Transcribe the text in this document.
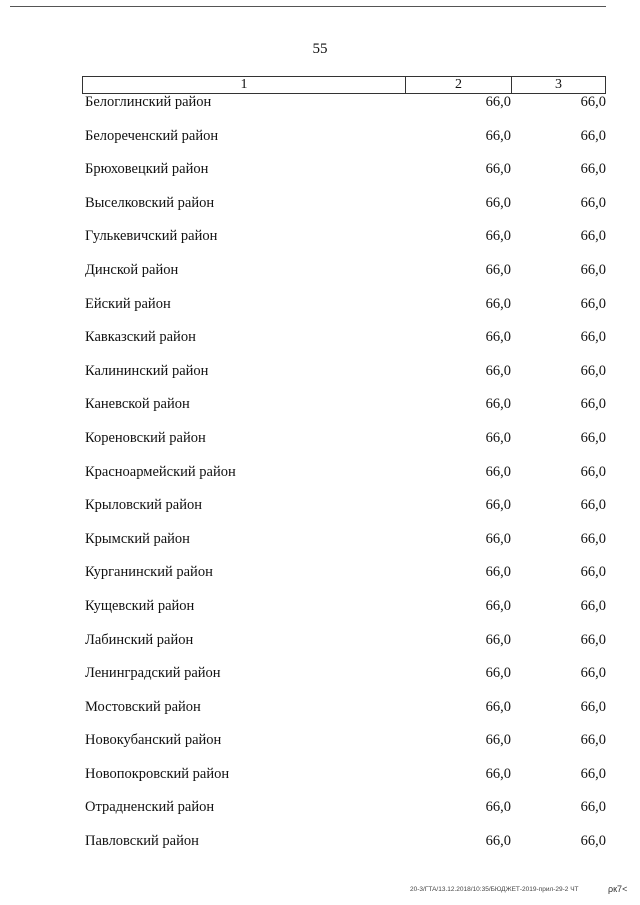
55
1	2	3
Белоглинский район	66,0	66,0
Белореченский район	66,0	66,0
Брюховецкий район	66,0	66,0
Выселковский район	66,0	66,0
Гулькевичский район	66,0	66,0
Динской район	66,0	66,0
Ейский район	66,0	66,0
Кавказский район	66,0	66,0
Калининский район	66,0	66,0
Каневской район	66,0	66,0
Кореновский район	66,0	66,0
Красноармейский район	66,0	66,0
Крыловский район	66,0	66,0
Крымский район	66,0	66,0
Курганинский район	66,0	66,0
Кущевский район	66,0	66,0
Лабинский район	66,0	66,0
Ленинградский район	66,0	66,0
Мостовский район	66,0	66,0
Новокубанский район	66,0	66,0
Новопокровский район	66,0	66,0
Отрадненский район	66,0	66,0
Павловский район	66,0	66,0
20-3/ГТА/13.12.2018/10:35/БЮДЖЕТ-2019-прил-29-2 ЧТ	ρк7<
